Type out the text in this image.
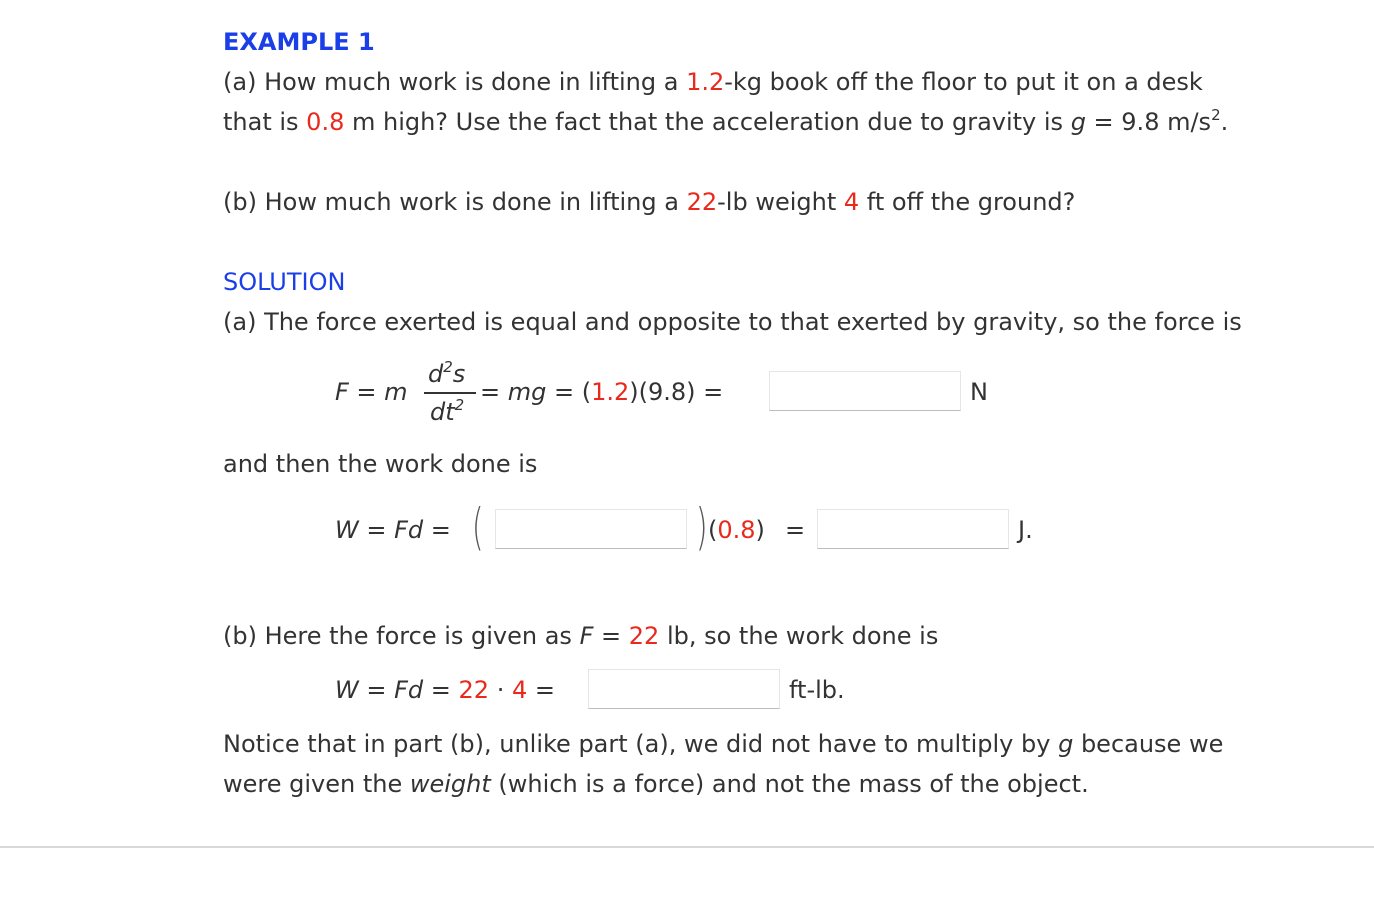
EXAMPLE 1
(a) How much work is done in lifting a 1.2-kg book off the floor to put it on a desk
that is 0.8 m high? Use the fact that the acceleration due to gravity is g = 9.8 $m/s^2$.
(b) How much work is done in lifting a 22-lb weight 4 ft off the ground?
SOLUTION
(a) The force exerted is equal and opposite to that exerted by gravity, so the force is
F = m
$d^2s$
$dt^2$ = mg = (1.2)(9.8) =	N
and then the work done is
W = Fd = (	) (0.8) =	J.
(b) Here the force is given as F = 22 lb, so the work done is
W = Fd = 22 · 4 =	ft-lb.
Notice that in part (b), unlike part (a), we did not have to multiply by g because we
were given the weight (which is a force) and not the mass of the object.
